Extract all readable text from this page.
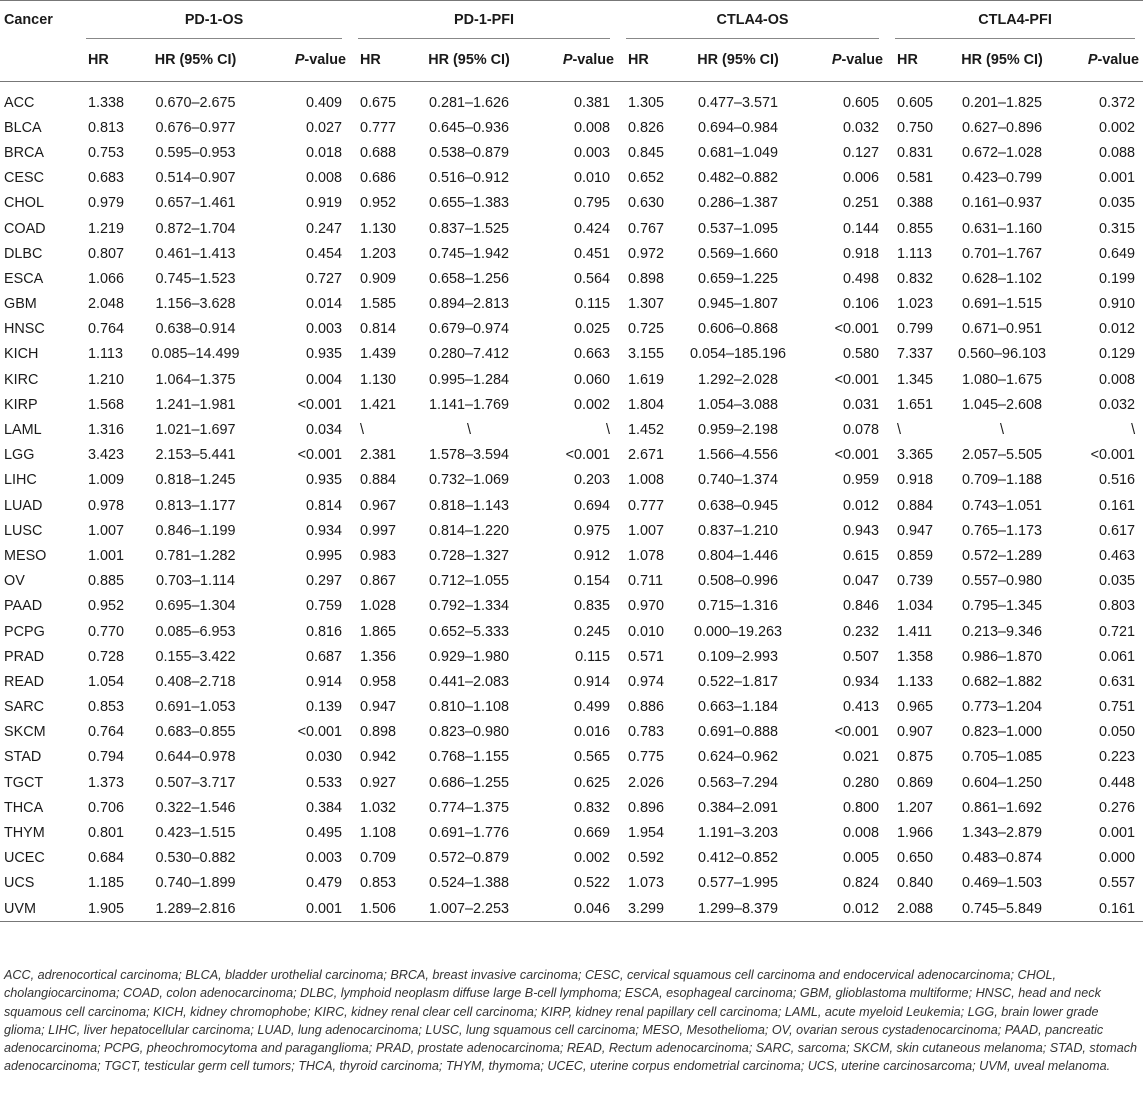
Cancer	PD-1-OS			PD-1-PFI			CTLA4-OS			CTLA4-PFI		

	HR	HR (95% CI)	P-value	HR	HR (95% CI)	P-value	HR	HR (95% CI)	P-value	HR	HR (95% CI)	P-value

ACC	1.338	0.670–2.675	0.409	0.675	0.281–1.626	0.381	1.305	0.477–3.571	0.605	0.605	0.201–1.825	0.372
BLCA	0.813	0.676–0.977	0.027	0.777	0.645–0.936	0.008	0.826	0.694–0.984	0.032	0.750	0.627–0.896	0.002
BRCA	0.753	0.595–0.953	0.018	0.688	0.538–0.879	0.003	0.845	0.681–1.049	0.127	0.831	0.672–1.028	0.088
CESC	0.683	0.514–0.907	0.008	0.686	0.516–0.912	0.010	0.652	0.482–0.882	0.006	0.581	0.423–0.799	0.001
CHOL	0.979	0.657–1.461	0.919	0.952	0.655–1.383	0.795	0.630	0.286–1.387	0.251	0.388	0.161–0.937	0.035
COAD	1.219	0.872–1.704	0.247	1.130	0.837–1.525	0.424	0.767	0.537–1.095	0.144	0.855	0.631–1.160	0.315
DLBC	0.807	0.461–1.413	0.454	1.203	0.745–1.942	0.451	0.972	0.569–1.660	0.918	1.113	0.701–1.767	0.649
ESCA	1.066	0.745–1.523	0.727	0.909	0.658–1.256	0.564	0.898	0.659–1.225	0.498	0.832	0.628–1.102	0.199
GBM	2.048	1.156–3.628	0.014	1.585	0.894–2.813	0.115	1.307	0.945–1.807	0.106	1.023	0.691–1.515	0.910
HNSC	0.764	0.638–0.914	0.003	0.814	0.679–0.974	0.025	0.725	0.606–0.868	<0.001	0.799	0.671–0.951	0.012
KICH	1.113	0.085–14.499	0.935	1.439	0.280–7.412	0.663	3.155	0.054–185.196	0.580	7.337	0.560–96.103	0.129
KIRC	1.210	1.064–1.375	0.004	1.130	0.995–1.284	0.060	1.619	1.292–2.028	<0.001	1.345	1.080–1.675	0.008
KIRP	1.568	1.241–1.981	<0.001	1.421	1.141–1.769	0.002	1.804	1.054–3.088	0.031	1.651	1.045–2.608	0.032
LAML	1.316	1.021–1.697	0.034	\	\	\	1.452	0.959–2.198	0.078	\	\	\
LGG	3.423	2.153–5.441	<0.001	2.381	1.578–3.594	<0.001	2.671	1.566–4.556	<0.001	3.365	2.057–5.505	<0.001
LIHC	1.009	0.818–1.245	0.935	0.884	0.732–1.069	0.203	1.008	0.740–1.374	0.959	0.918	0.709–1.188	0.516
LUAD	0.978	0.813–1.177	0.814	0.967	0.818–1.143	0.694	0.777	0.638–0.945	0.012	0.884	0.743–1.051	0.161
LUSC	1.007	0.846–1.199	0.934	0.997	0.814–1.220	0.975	1.007	0.837–1.210	0.943	0.947	0.765–1.173	0.617
MESO	1.001	0.781–1.282	0.995	0.983	0.728–1.327	0.912	1.078	0.804–1.446	0.615	0.859	0.572–1.289	0.463
OV	0.885	0.703–1.114	0.297	0.867	0.712–1.055	0.154	0.711	0.508–0.996	0.047	0.739	0.557–0.980	0.035
PAAD	0.952	0.695–1.304	0.759	1.028	0.792–1.334	0.835	0.970	0.715–1.316	0.846	1.034	0.795–1.345	0.803
PCPG	0.770	0.085–6.953	0.816	1.865	0.652–5.333	0.245	0.010	0.000–19.263	0.232	1.411	0.213–9.346	0.721
PRAD	0.728	0.155–3.422	0.687	1.356	0.929–1.980	0.115	0.571	0.109–2.993	0.507	1.358	0.986–1.870	0.061
READ	1.054	0.408–2.718	0.914	0.958	0.441–2.083	0.914	0.974	0.522–1.817	0.934	1.133	0.682–1.882	0.631
SARC	0.853	0.691–1.053	0.139	0.947	0.810–1.108	0.499	0.886	0.663–1.184	0.413	0.965	0.773–1.204	0.751
SKCM	0.764	0.683–0.855	<0.001	0.898	0.823–0.980	0.016	0.783	0.691–0.888	<0.001	0.907	0.823–1.000	0.050
STAD	0.794	0.644–0.978	0.030	0.942	0.768–1.155	0.565	0.775	0.624–0.962	0.021	0.875	0.705–1.085	0.223
TGCT	1.373	0.507–3.717	0.533	0.927	0.686–1.255	0.625	2.026	0.563–7.294	0.280	0.869	0.604–1.250	0.448
THCA	0.706	0.322–1.546	0.384	1.032	0.774–1.375	0.832	0.896	0.384–2.091	0.800	1.207	0.861–1.692	0.276
THYM	0.801	0.423–1.515	0.495	1.108	0.691–1.776	0.669	1.954	1.191–3.203	0.008	1.966	1.343–2.879	0.001
UCEC	0.684	0.530–0.882	0.003	0.709	0.572–0.879	0.002	0.592	0.412–0.852	0.005	0.650	0.483–0.874	0.000
UCS	1.185	0.740–1.899	0.479	0.853	0.524–1.388	0.522	1.073	0.577–1.995	0.824	0.840	0.469–1.503	0.557
UVM	1.905	1.289–2.816	0.001	1.506	1.007–2.253	0.046	3.299	1.299–8.379	0.012	2.088	0.745–5.849	0.161
ACC, adrenocortical carcinoma; BLCA, bladder urothelial carcinoma; BRCA, breast invasive carcinoma; CESC, cervical squamous cell carcinoma and endocervical adenocarcinoma; CHOL, cholangiocarcinoma; COAD, colon adenocarcinoma; DLBC, lymphoid neoplasm diffuse large B-cell lymphoma; ESCA, esophageal carcinoma; GBM, glioblastoma multiforme; HNSC, head and neck squamous cell carcinoma; KICH, kidney chromophobe; KIRC, kidney renal clear cell carcinoma; KIRP, kidney renal papillary cell carcinoma; LAML, acute myeloid Leukemia; LGG, brain lower grade glioma; LIHC, liver hepatocellular carcinoma; LUAD, lung adenocarcinoma; LUSC, lung squamous cell carcinoma; MESO, Mesothelioma; OV, ovarian serous cystadenocarcinoma; PAAD, pancreatic adenocarcinoma; PCPG, pheochromocytoma and paraganglioma; PRAD, prostate adenocarcinoma; READ, Rectum adenocarcinoma; SARC, sarcoma; SKCM, skin cutaneous melanoma; STAD, stomach adenocarcinoma; TGCT, testicular germ cell tumors; THCA, thyroid carcinoma; THYM, thymoma; UCEC, uterine corpus endometrial carcinoma; UCS, uterine carcinosarcoma; UVM, uveal melanoma.
